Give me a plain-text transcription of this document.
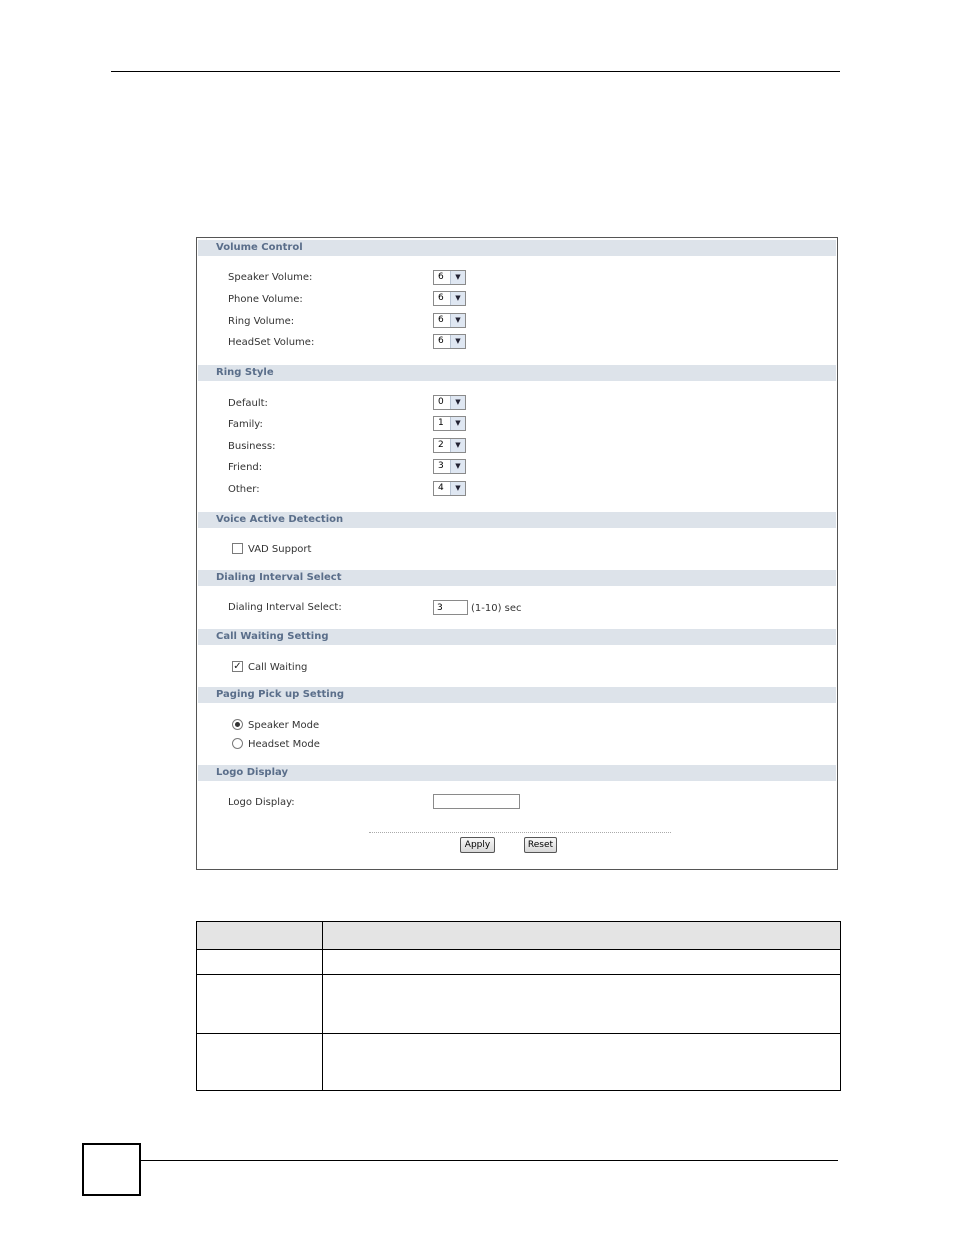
Volume Control
Speaker Volume:	6	▼
Phone Volume:	6	▼
Ring Volume:	6	▼
HeadSet Volume:	6	▼
Ring Style
Default:	0	▼
Family:	1	▼
Business:	2	▼
Friend:	3	▼
Other:	4	▼
Voice Active Detection
VAD Support
Dialing Interval Select
Dialing Interval Select:
3	(1-10) sec
Call Waiting Setting
✓ Call Waiting
Paging Pick up Setting
Speaker Mode
Headset Mode
Logo Display
Logo Display:
Apply	Reset
